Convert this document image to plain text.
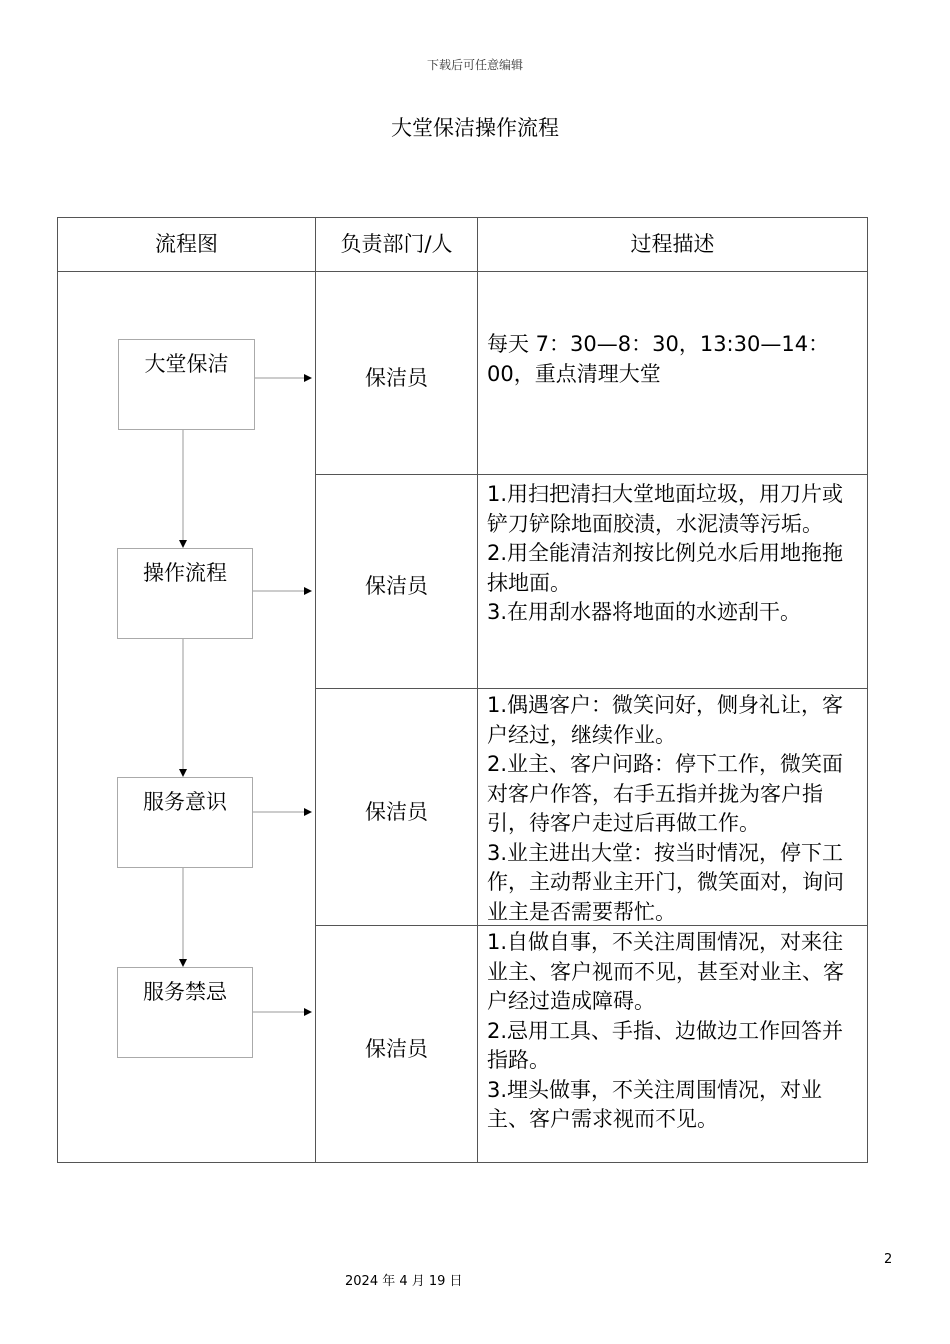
下载后可任意编辑
大堂保洁操作流程
流程图	负责部门/人	过程描述
大堂保洁
操作流程
服务意识
服务禁忌
保洁员
保洁员
保洁员
保洁员

每天 7：30—8：30，13:30—14：00，重点清理大堂

1.用扫把清扫大堂地面垃圾，用刀片或铲刀铲除地面胶渍，水泥渍等污垢。

2.用全能清洁剂按比例兑水后用地拖拖抹地面。

3.在用刮水器将地面的水迹刮干。

1.偶遇客户：微笑问好，侧身礼让，客户经过，继续作业。

2.业主、客户问路：停下工作，微笑面对客户作答，右手五指并拢为客户指引，待客户走过后再做工作。

3.业主进出大堂：按当时情况，停下工作，主动帮业主开门，微笑面对，询问业主是否需要帮忙。

1.自做自事，不关注周围情况，对来往业主、客户视而不见，甚至对业主、客户经过造成障碍。

2.忌用工具、手指、边做边工作回答并指路。

3.埋头做事，不关注周围情况，对业主、客户需求视而不见。

2
2024 年 4 月 19 日
